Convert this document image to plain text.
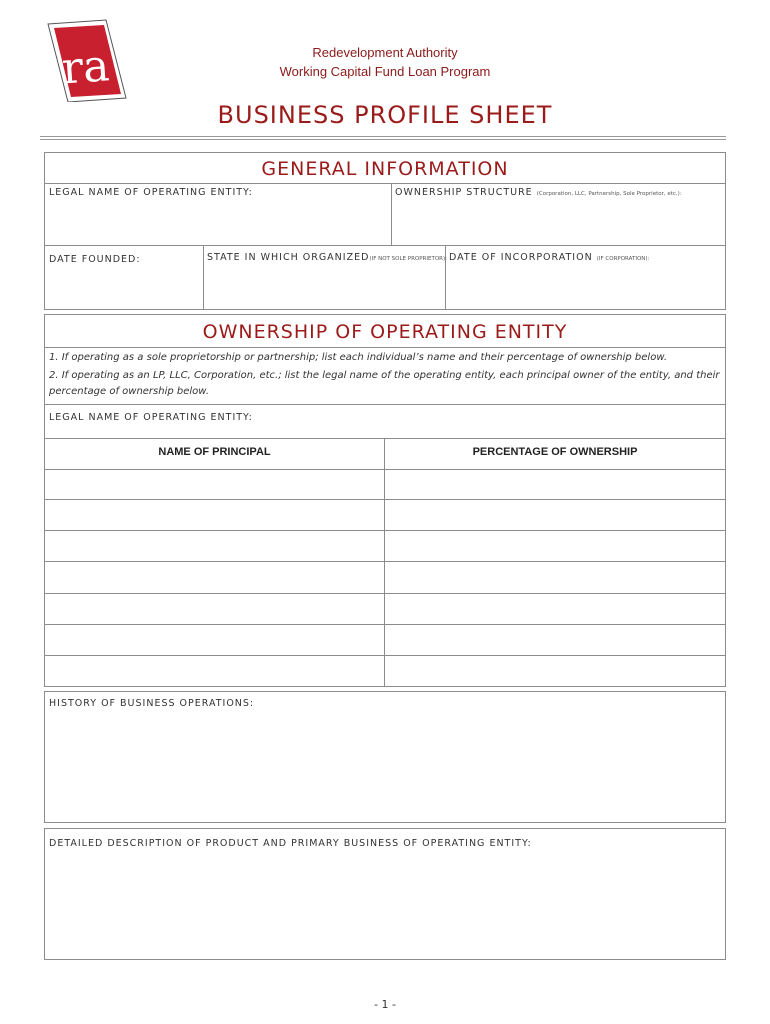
ra	Redevelopment Authority
Working Capital Fund Loan Program
BUSINESS PROFILE SHEET
GENERAL INFORMATION
LEGAL NAME OF OPERATING ENTITY:	OWNERSHIP STRUCTURE (Corporation, LLC, Partnership, Sole Proprietor, etc.):
DATE FOUNDED:	STATE IN WHICH ORGANIZED(IF NOT SOLE PROPRIETOR): DATE OF INCORPORATION (IF CORPORATION):
OWNERSHIP OF OPERATING ENTITY
1. If operating as a sole proprietorship or partnership; list each individual’s name and their percentage of ownership below.
2. If operating as an LP, LLC, Corporation, etc.; list the legal name of the operating entity, each principal owner of the entity, and their percentage of ownership below.
LEGAL NAME OF OPERATING ENTITY:
NAME OF PRINCIPAL	PERCENTAGE OF OWNERSHIP
HISTORY OF BUSINESS OPERATIONS:
DETAILED DESCRIPTION OF PRODUCT AND PRIMARY BUSINESS OF OPERATING ENTITY:
- 1 -
